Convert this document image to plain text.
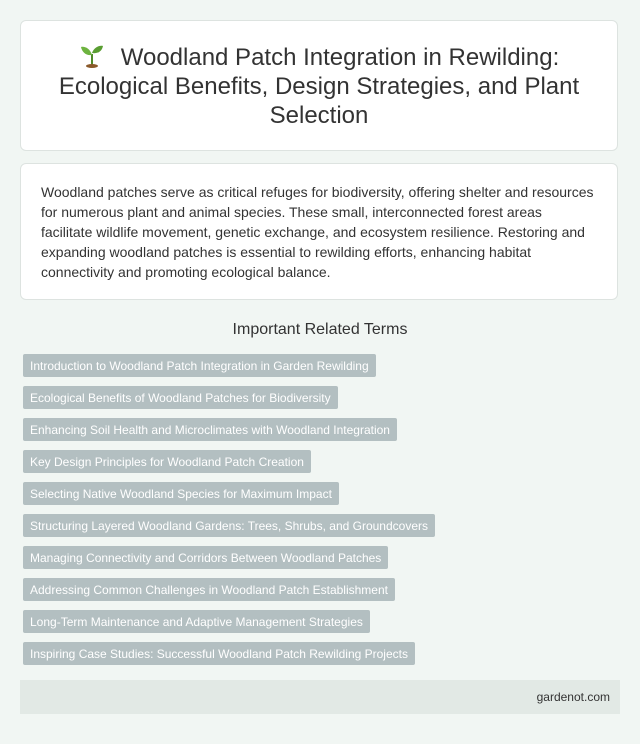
Woodland Patch Integration in Rewilding: Ecological Benefits, Design Strategies, and Plant Selection

Woodland patches serve as critical refuges for biodiversity, offering shelter and resources for numerous plant and animal species. These small, interconnected forest areas facilitate wildlife movement, genetic exchange, and ecosystem resilience. Restoring and expanding woodland patches is essential to rewilding efforts, enhancing habitat connectivity and promoting ecological balance.

Important Related Terms
Introduction to Woodland Patch Integration in Garden Rewilding
Ecological Benefits of Woodland Patches for Biodiversity
Enhancing Soil Health and Microclimates with Woodland Integration
Key Design Principles for Woodland Patch Creation
Selecting Native Woodland Species for Maximum Impact
Structuring Layered Woodland Gardens: Trees, Shrubs, and Groundcovers
Managing Connectivity and Corridors Between Woodland Patches
Addressing Common Challenges in Woodland Patch Establishment
Long-Term Maintenance and Adaptive Management Strategies
Inspiring Case Studies: Successful Woodland Patch Rewilding Projects
gardenot.com
